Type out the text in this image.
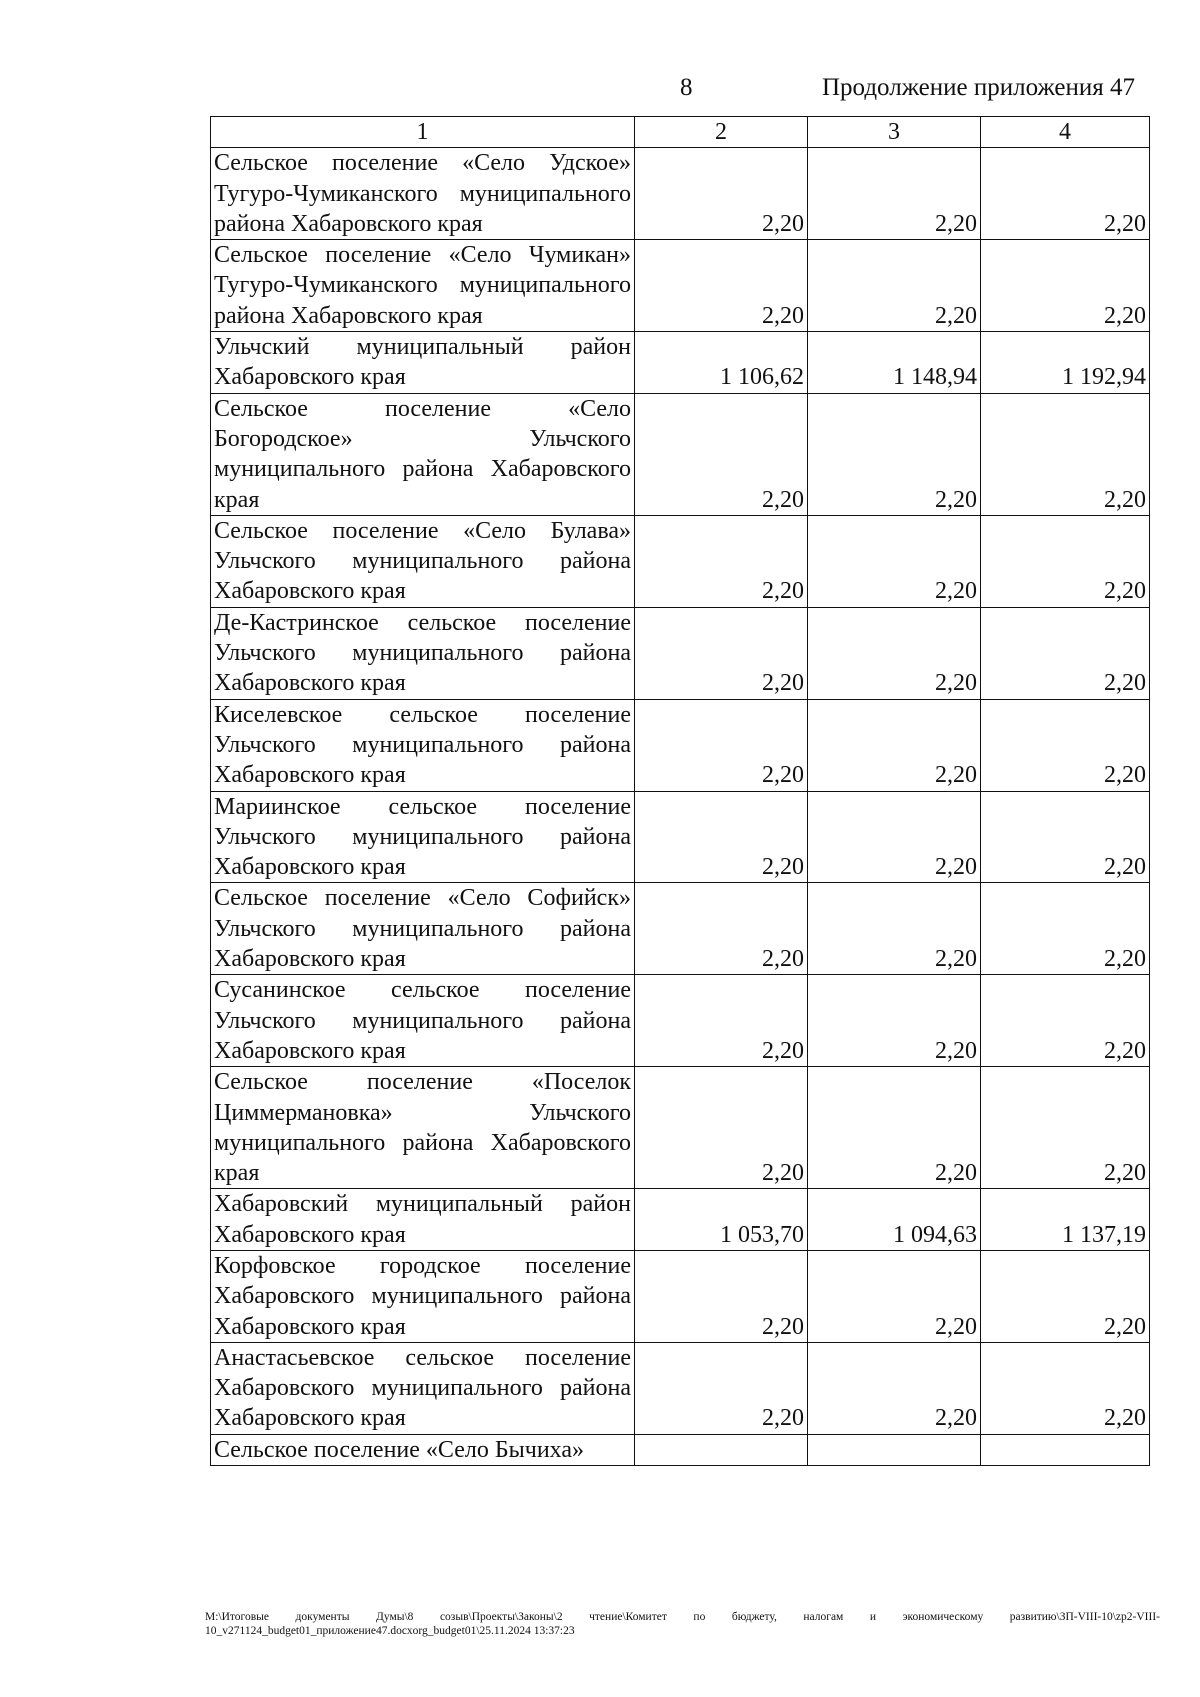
8	Продолжение приложения 47
1	2	3	4
Сельское поселение «Село Удское» Тугуро-Чумиканского муниципального района Хабаровского края	2,20	2,20	2,20
Сельское поселение «Село Чумикан» Тугуро-Чумиканского муниципального района Хабаровского края	2,20	2,20	2,20
Ульчский муниципальный район Хабаровского края	1 106,62	1 148,94	1 192,94
Сельское поселение «Село Богородское» Ульчского муниципального района Хабаровского края	2,20	2,20	2,20
Сельское поселение «Село Булава» Ульчского муниципального района Хабаровского края	2,20	2,20	2,20
Де-Кастринское сельское поселение Ульчского муниципального района Хабаровского края	2,20	2,20	2,20
Киселевское сельское поселение Ульчского муниципального района Хабаровского края	2,20	2,20	2,20
Мариинское сельское поселение Ульчского муниципального района Хабаровского края	2,20	2,20	2,20
Сельское поселение «Село Софийск» Ульчского муниципального района Хабаровского края	2,20	2,20	2,20
Сусанинское сельское поселение Ульчского муниципального района Хабаровского края	2,20	2,20	2,20
Сельское поселение «Поселок Циммермановка» Ульчского муниципального района Хабаровского края	2,20	2,20	2,20
Хабаровский муниципальный район Хабаровского края	1 053,70	1 094,63	1 137,19
Корфовское городское поселение Хабаровского муниципального района Хабаровского края	2,20	2,20	2,20
Анастасьевское сельское поселение Хабаровского муниципального района Хабаровского края	2,20	2,20	2,20
Сельское поселение «Село Бычиха»			
М:\Итоговые документы Думы\8 созыв\Проекты\Законы\2 чтение\Комитет по бюджету, налогам и экономическому развитию\ЗП-VIII-10\zp2-VIII-10_v271124_budget01_приложение47.docxorg_budget01\25.11.2024 13:37:23
